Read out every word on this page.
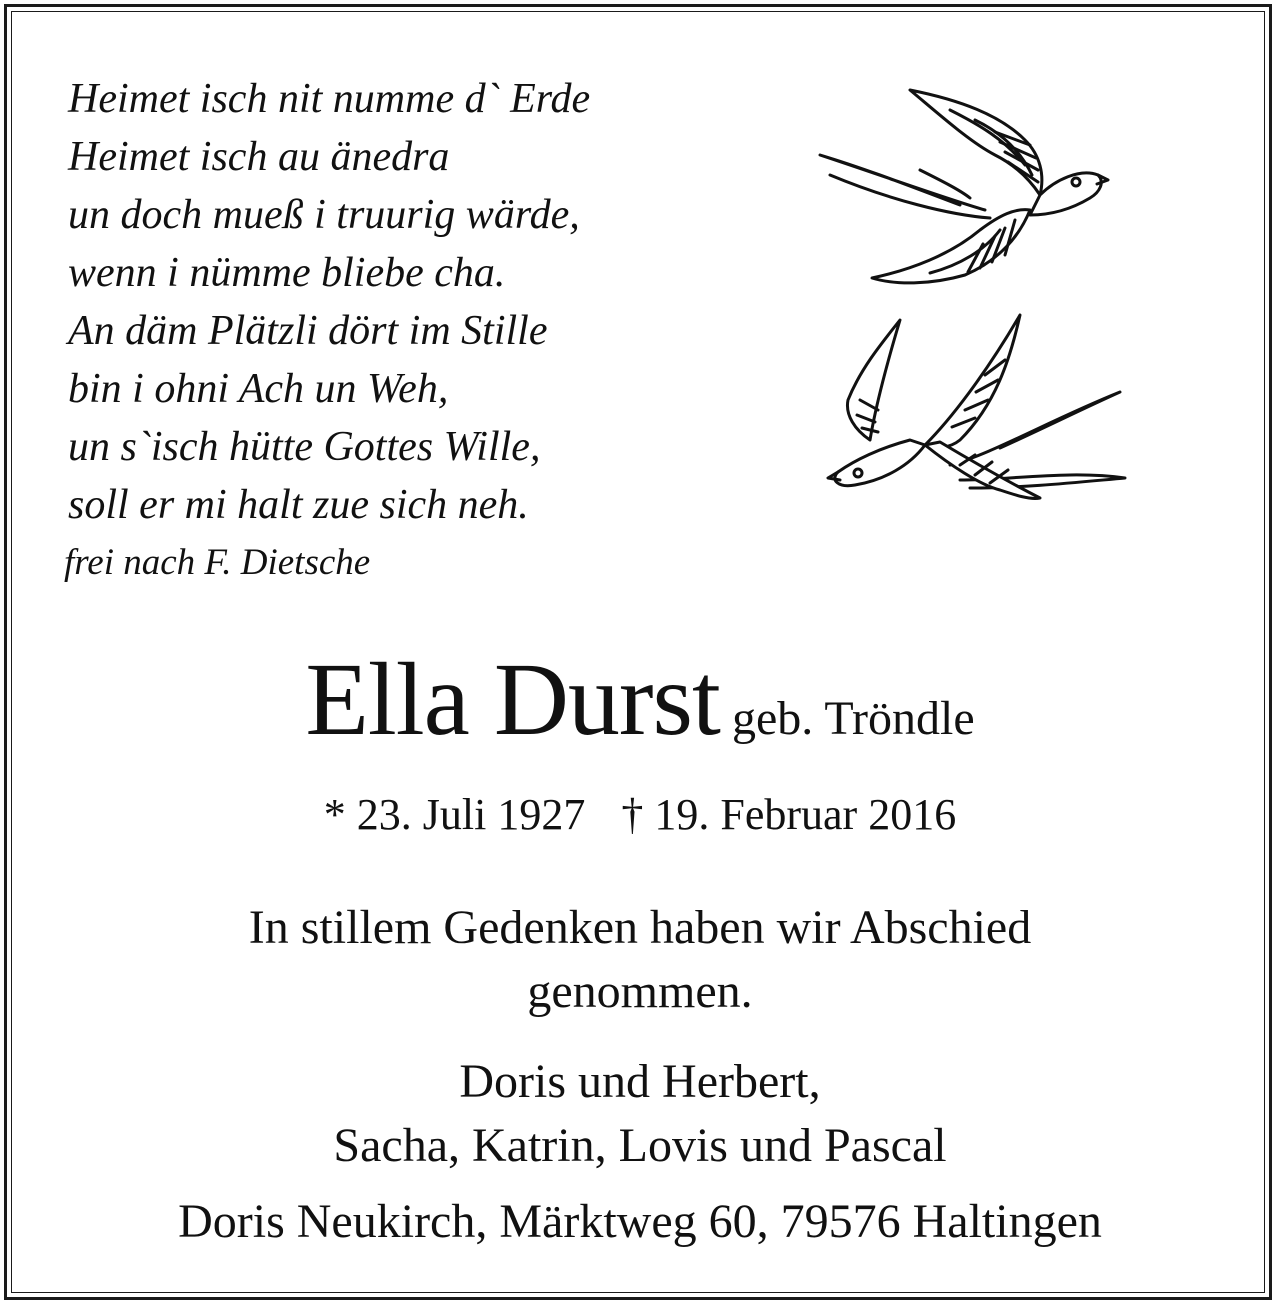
Heimet isch nit numme d` Erde
Heimet isch au änedra
un doch mueß i truurig wärde,
wenn i nümme bliebe cha.
An däm Plätzli dört im Stille
bin i ohni Ach un Weh,
un s`isch hütte Gottes Wille,
soll er mi halt zue sich neh.
frei nach F. Dietsche
Ella Durst geb. Tröndle
* 23. Juli 1927 † 19. Februar 2016
In stillem Gedenken haben wir Abschied genommen.
Doris und Herbert,
Sacha, Katrin, Lovis und Pascal
Doris Neukirch, Märktweg 60, 79576 Haltingen
